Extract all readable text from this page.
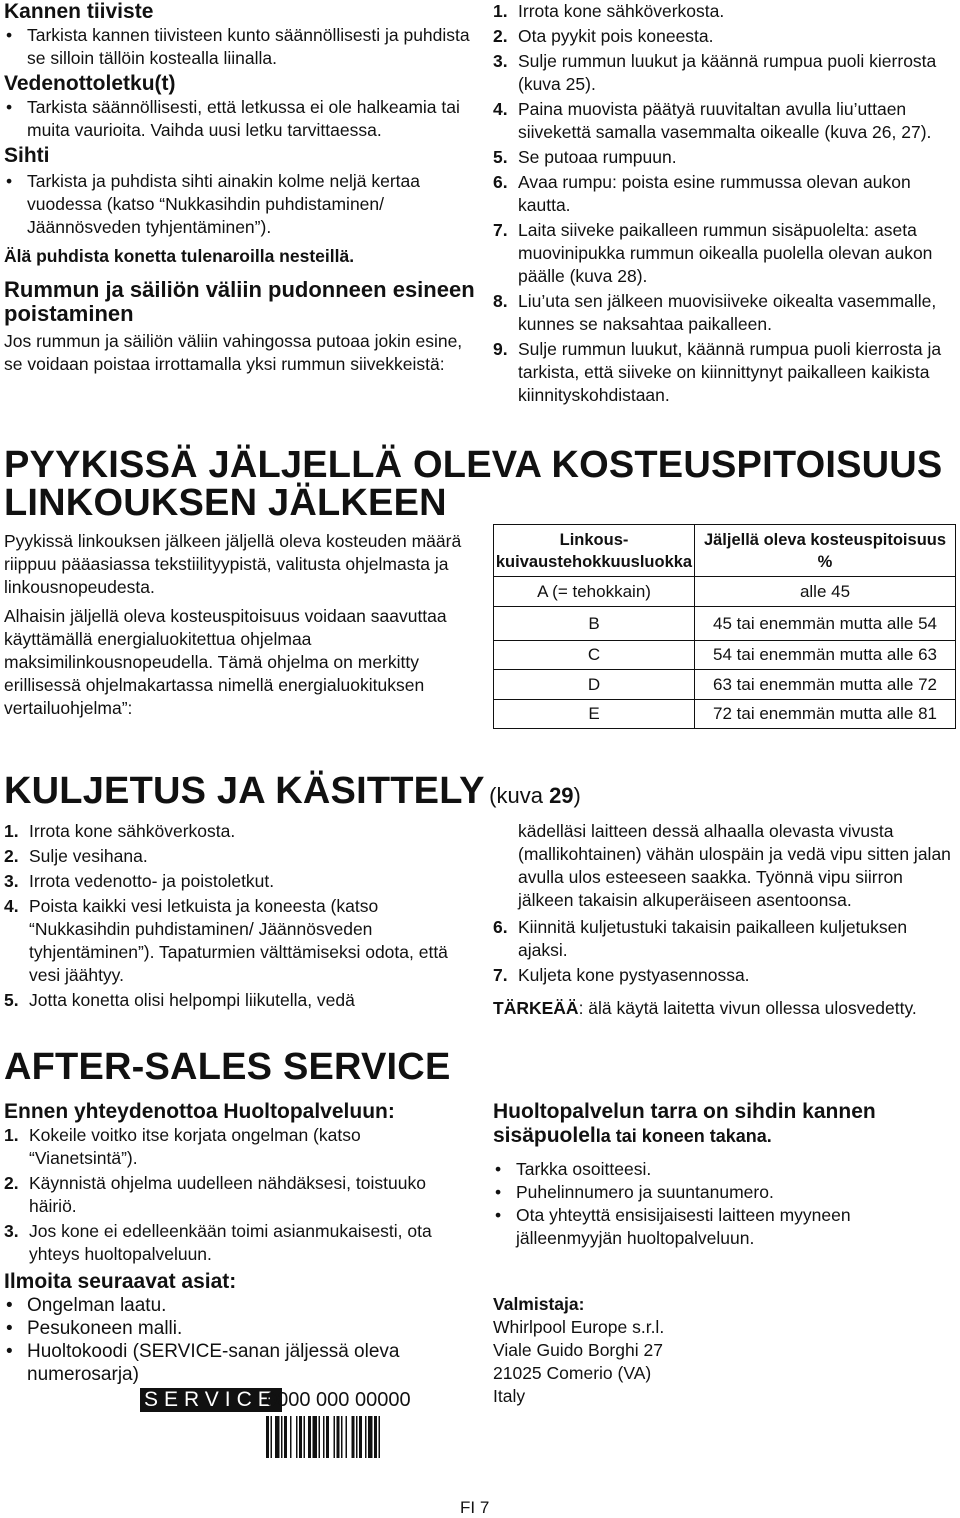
Kannen tiiviste
• Tarkista kannen tiivisteen kunto säännöllisesti ja puhdista se silloin tällöin kostealla liinalla.
Vedenottoletku(t)
• Tarkista säännöllisesti, että letkussa ei ole halkeamia tai muita vaurioita. Vaihda uusi letku tarvittaessa.
Sihti
• Tarkista ja puhdista sihti ainakin kolme neljä kertaa vuodessa (katso “Nukkasihdin puhdistaminen/ Jäännösveden tyhjentäminen”).
Älä puhdista konetta tulenaroilla nesteillä.
Rummun ja säiliön väliin pudonneen esineen poistaminen
Jos rummun ja säiliön väliin vahingossa putoaa jokin esine, se voidaan poistaa irrottamalla yksi rummun siivekkeistä:
1. Irrota kone sähköverkosta.
2. Ota pyykit pois koneesta.
3. Sulje rummun luukut ja käännä rumpua puoli kierrosta (kuva 25).
4. Paina muovista päätyä ruuvitaltan avulla liu’uttaen siivekettä samalla vasemmalta oikealle (kuva 26, 27).
5. Se putoaa rumpuun.
6. Avaa rumpu: poista esine rummussa olevan aukon kautta.
7. Laita siiveke paikalleen rummun sisäpuolelta: aseta muovinipukka rummun oikealla puolella olevan aukon päälle (kuva 28).
8. Liu’uta sen jälkeen muovisiiveke oikealta vasemmalle, kunnes se naksahtaa paikalleen.
9. Sulje rummun luukut, käännä rumpua puoli kierrosta ja tarkista, että siiveke on kiinnittynyt paikalleen kaikista kiinnityskohdistaan.
PYYKISSÄ JÄLJELLÄ OLEVA KOSTEUSPITOISUUS
LINKOUKSEN JÄLKEEN
Pyykissä linkouksen jälkeen jäljellä oleva kosteuden määrä riippuu pääasiassa tekstiilityypistä, valitusta ohjelmasta ja linkousnopeudesta.
Alhaisin jäljellä oleva kosteuspitoisuus voidaan saavuttaa käyttämällä energialuokitettua ohjelmaa maksimilinkousnopeudella. Tämä ohjelma on merkitty erillisessä ohjelmakartassa nimellä energialuokituksen vertailuohjelma”:
Linkous-kuivaustehokkuusluokka	Jäljellä oleva kosteuspitoisuus %
A (= tehokkain)	alle 45
B	45 tai enemmän mutta alle 54
C	54 tai enemmän mutta alle 63
D	63 tai enemmän mutta alle 72
E	72 tai enemmän mutta alle 81
KULJETUS JA KÄSITTELY (kuva 29)
1. Irrota kone sähköverkosta.
2. Sulje vesihana.
3. Irrota vedenotto- ja poistoletkut.
4. Poista kaikki vesi letkuista ja koneesta (katso “Nukkasihdin puhdistaminen/ Jäännösveden tyhjentäminen”). Tapaturmien välttämiseksi odota, että vesi jäähtyy.
5. Jotta konetta olisi helpompi liikutella, vedä
kädelläsi laitteen dessä alhaalla olevasta vivusta (mallikohtainen) vähän ulospäin ja vedä vipu sitten jalan avulla ulos esteeseen saakka. Työnnä vipu siirron jälkeen takaisin alkuperäiseen asentoonsa.
6. Kiinnitä kuljetustuki takaisin paikalleen kuljetuksen ajaksi.
7. Kuljeta kone pystyasennossa.
TÄRKEÄÄ: älä käytä laitetta vivun ollessa ulosvedetty.
AFTER-SALES SERVICE
Ennen yhteydenottoa Huoltopalveluun:
1. Kokeile voitko itse korjata ongelman (katso “Vianetsintä”).
2. Käynnistä ohjelma uudelleen nähdäksesi, toistuuko häiriö.
3. Jos kone ei edelleenkään toimi asianmukaisesti, ota yhteys huoltopalveluun.
Ilmoita seuraavat asiat:
• Ongelman laatu.
• Pesukoneen malli.
• Huoltokoodi (SERVICE-sanan jäljessä oleva numerosarja)
SERVICE
0000 000 00000
Huoltopalvelun tarra on sihdin kannen sisäpuolella tai koneen takana.
• Tarkka osoitteesi.
• Puhelinnumero ja suuntanumero.
• Ota yhteyttä ensisijaisesti laitteen myyneen jälleenmyyjän huoltopalveluun.
Valmistaja:
Whirlpool Europe s.r.l.
Viale Guido Borghi 27
21025 Comerio (VA)
Italy
FI 7
